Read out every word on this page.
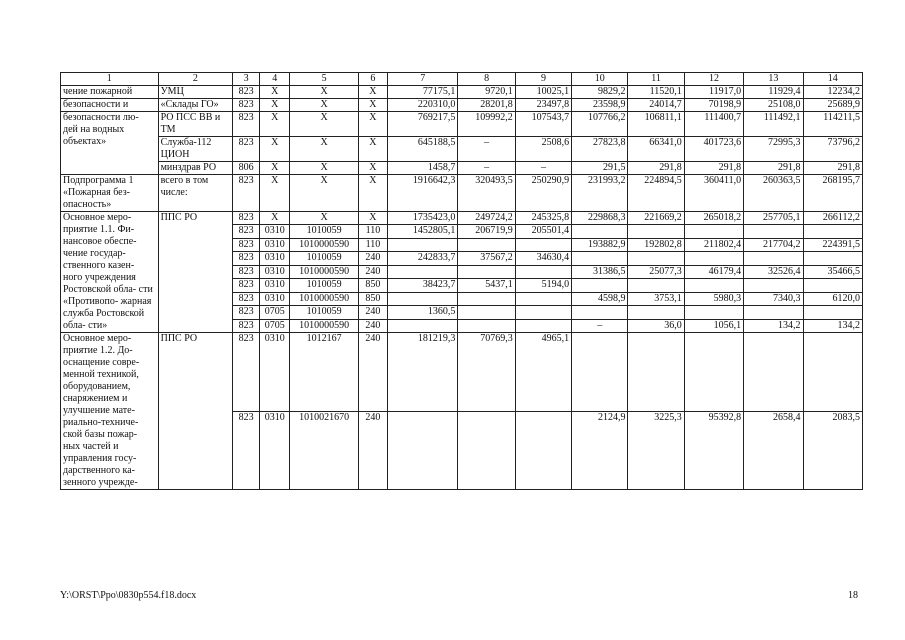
1	2	3	4	5	6	7	8	9	10	11	12	13	14
чение пожарной	УМЦ	823	Х	Х	Х	77175,1	9720,1	10025,1	9829,2	11520,1	11917,0	11929,4	12234,2
безопасности и	«Склады ГО»	823	Х	Х	Х	220310,0	28201,8	23497,8	23598,9	24014,7	70198,9	25108,0	25689,9
безопасности лю- дей на водных объектах»	РО ПСС ВВ и ТМ	823	Х	Х	Х	769217,5	109992,2	107543,7	107766,2	106811,1	111400,7	111492,1	114211,5
	Служба-112 ЦИОН	823	Х	Х	Х	645188,5	–	2508,6	27823,8	66341,0	401723,6	72995,3	73796,2
	минздрав РО	806	Х	Х	Х	1458,7	–	–	291,5	291,8	291,8	291,8	291,8
Подпрограмма 1 «Пожарная без- опасность»	всего в том числе:	823	Х	Х	Х	1916642,3	320493,5	250290,9	231993,2	224894,5	360411,0	260363,5	268195,7
Основное меро- приятие 1.1. Фи- нансовое обеспе- чение государ- ственного казен- ного учреждения Ростовской обла- сти «Противопо- жарная служба Ростовской обла- сти»	ППС РО	823	Х	Х	Х	1735423,0	249724,2	245325,8	229868,3	221669,2	265018,2	257705,1	266112,2
		823	0310	1010059	110	1452805,1	206719,9	205501,4					
		823	0310	1010000590	110				193882,9	192802,8	211802,4	217704,2	224391,5
		823	0310	1010059	240	242833,7	37567,2	34630,4					
		823	0310	1010000590	240				31386,5	25077,3	46179,4	32526,4	35466,5
		823	0310	1010059	850	38423,7	5437,1	5194,0					
		823	0310	1010000590	850				4598,9	3753,1	5980,3	7340,3	6120,0
		823	0705	1010059	240	1360,5							
		823	0705	1010000590	240				–	36,0	1056,1	134,2	134,2
Основное меро- приятие 1.2. До- оснащение совре- менной техникой, оборудованием, снаряжением и улучшение мате- риально-техниче- ской базы пожар- ных частей и управления госу- дарственного ка- зенного учрежде-	ППС РО	823	0310	1012167	240	181219,3	70769,3	4965,1					
		823	0310	1010021670	240				2124,9	3225,3	95392,8	2658,4	2083,5
Y:\ORST\Ppo\0830p554.f18.docx	18
